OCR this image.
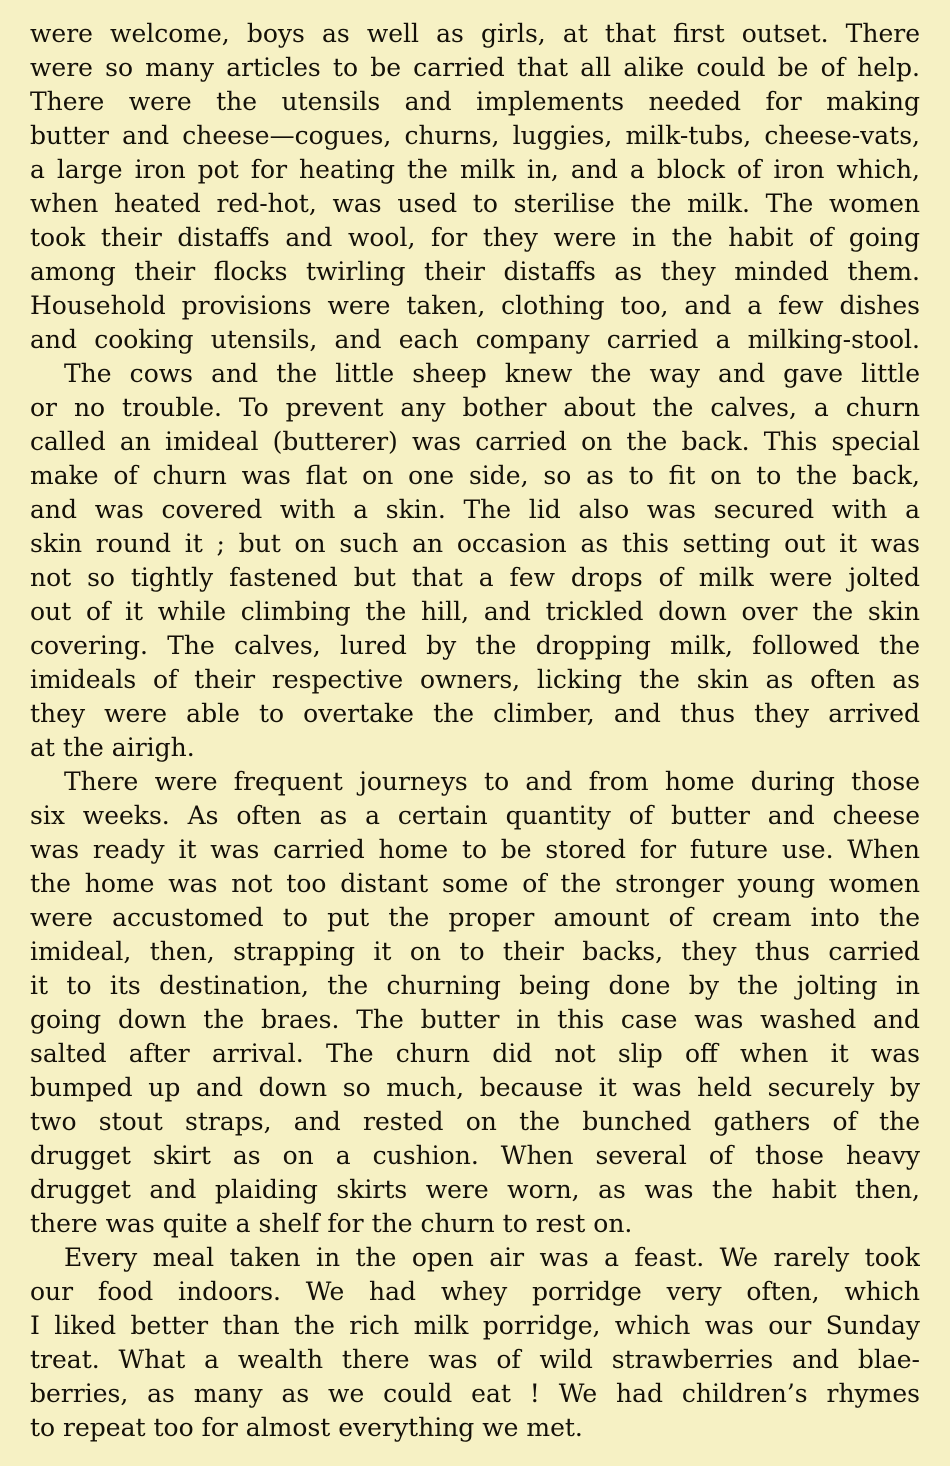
were welcome, boys as well as girls, at that first outset. There
were so many articles to be carried that all alike could be of help.
There were the utensils and implements needed for making
butter and cheese—cogues, churns, luggies, milk-tubs, cheese-vats,
a large iron pot for heating the milk in, and a block of iron which,
when heated red-hot, was used to sterilise the milk. The women
took their distaffs and wool, for they were in the habit of going
among their flocks twirling their distaffs as they minded them.
Household provisions were taken, clothing too, and a few dishes
and cooking utensils, and each company carried a milking-stool.
The cows and the little sheep knew the way and gave little
or no trouble. To prevent any bother about the calves, a churn
called an imideal (butterer) was carried on the back. This special
make of churn was flat on one side, so as to fit on to the back,
and was covered with a skin. The lid also was secured with a
skin round it ; but on such an occasion as this setting out it was
not so tightly fastened but that a few drops of milk were jolted
out of it while climbing the hill, and trickled down over the skin
covering. The calves, lured by the dropping milk, followed the
imideals of their respective owners, licking the skin as often as
they were able to overtake the climber, and thus they arrived
at the airigh.
There were frequent journeys to and from home during those
six weeks. As often as a certain quantity of butter and cheese
was ready it was carried home to be stored for future use. When
the home was not too distant some of the stronger young women
were accustomed to put the proper amount of cream into the
imideal, then, strapping it on to their backs, they thus carried
it to its destination, the churning being done by the jolting in
going down the braes. The butter in this case was washed and
salted after arrival. The churn did not slip off when it was
bumped up and down so much, because it was held securely by
two stout straps, and rested on the bunched gathers of the
drugget skirt as on a cushion. When several of those heavy
drugget and plaiding skirts were worn, as was the habit then,
there was quite a shelf for the churn to rest on.
Every meal taken in the open air was a feast. We rarely took
our food indoors. We had whey porridge very often, which
I liked better than the rich milk porridge, which was our Sunday
treat. What a wealth there was of wild strawberries and blae-
berries, as many as we could eat ! We had children’s rhymes
to repeat too for almost everything we met.
